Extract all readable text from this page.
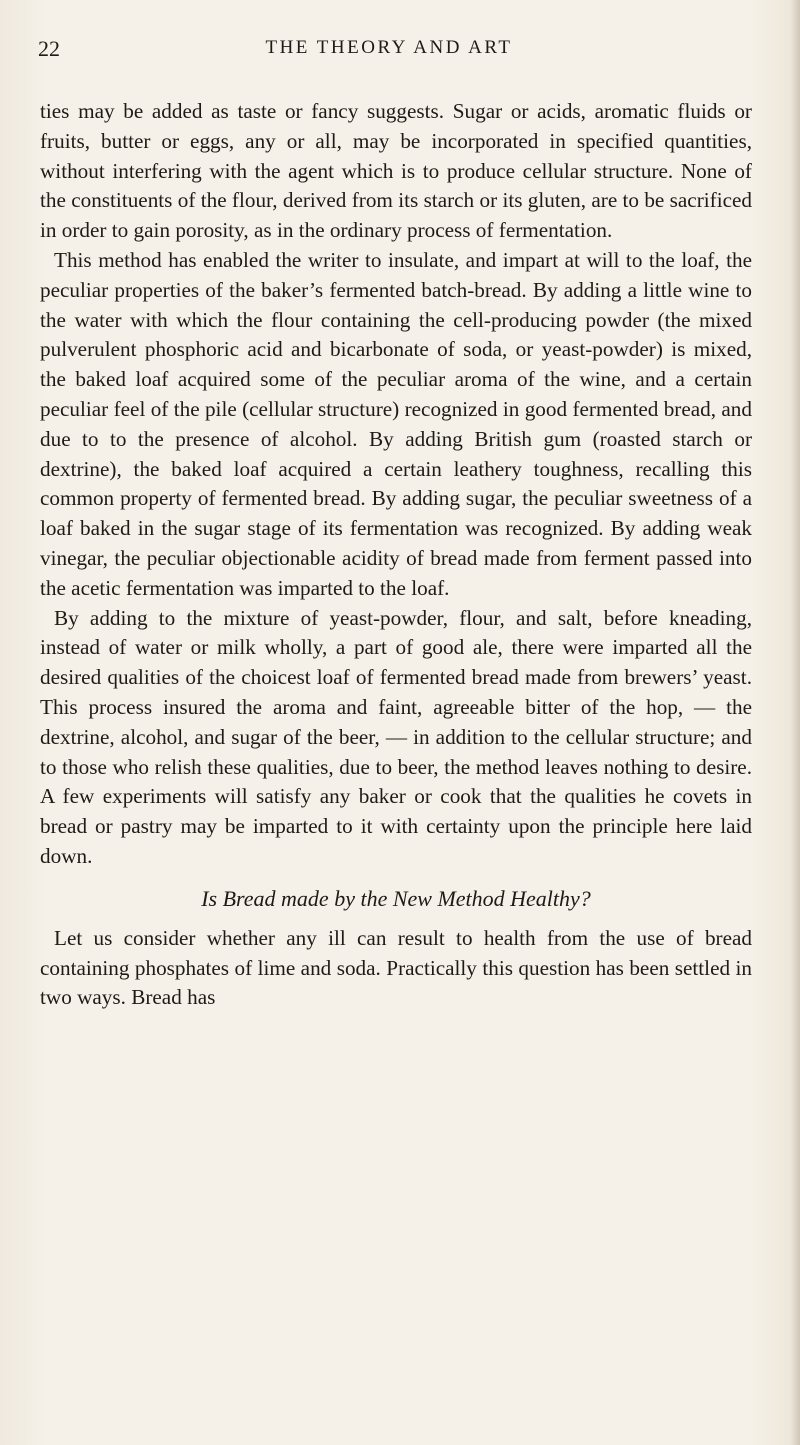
22	THE THEORY AND ART

ties may be added as taste or fancy suggests. Sugar or acids, aromatic fluids or fruits, butter or eggs, any or all, may be incorporated in specified quantities, without interfering with the agent which is to produce cellular structure. None of the constituents of the flour, derived from its starch or its gluten, are to be sacrificed in order to gain porosity, as in the ordinary process of fermentation.

This method has enabled the writer to insulate, and impart at will to the loaf, the peculiar properties of the baker’s fermented batch-bread. By adding a little wine to the water with which the flour containing the cell-producing powder (the mixed pulverulent phosphoric acid and bicarbonate of soda, or yeast-powder) is mixed, the baked loaf acquired some of the peculiar aroma of the wine, and a certain peculiar feel of the pile (cellular structure) recognized in good fermented bread, and due to to the presence of alcohol. By adding British gum (roasted starch or dextrine), the baked loaf acquired a certain leathery toughness, recalling this common property of fermented bread. By adding sugar, the peculiar sweetness of a loaf baked in the sugar stage of its fermentation was recognized. By adding weak vinegar, the peculiar objectionable acidity of bread made from ferment passed into the acetic fermentation was imparted to the loaf.

By adding to the mixture of yeast-powder, flour, and salt, before kneading, instead of water or milk wholly, a part of good ale, there were imparted all the desired qualities of the choicest loaf of fermented bread made from brewers’ yeast. This process insured the aroma and faint, agreeable bitter of the hop, — the dextrine, alcohol, and sugar of the beer, — in addition to the cellular structure; and to those who relish these qualities, due to beer, the method leaves nothing to desire. A few experiments will satisfy any baker or cook that the qualities he covets in bread or pastry may be imparted to it with certainty upon the principle here laid down.

Is Bread made by the New Method Healthy?

Let us consider whether any ill can result to health from the use of bread containing phosphates of lime and soda. Practically this question has been settled in two ways. Bread has
